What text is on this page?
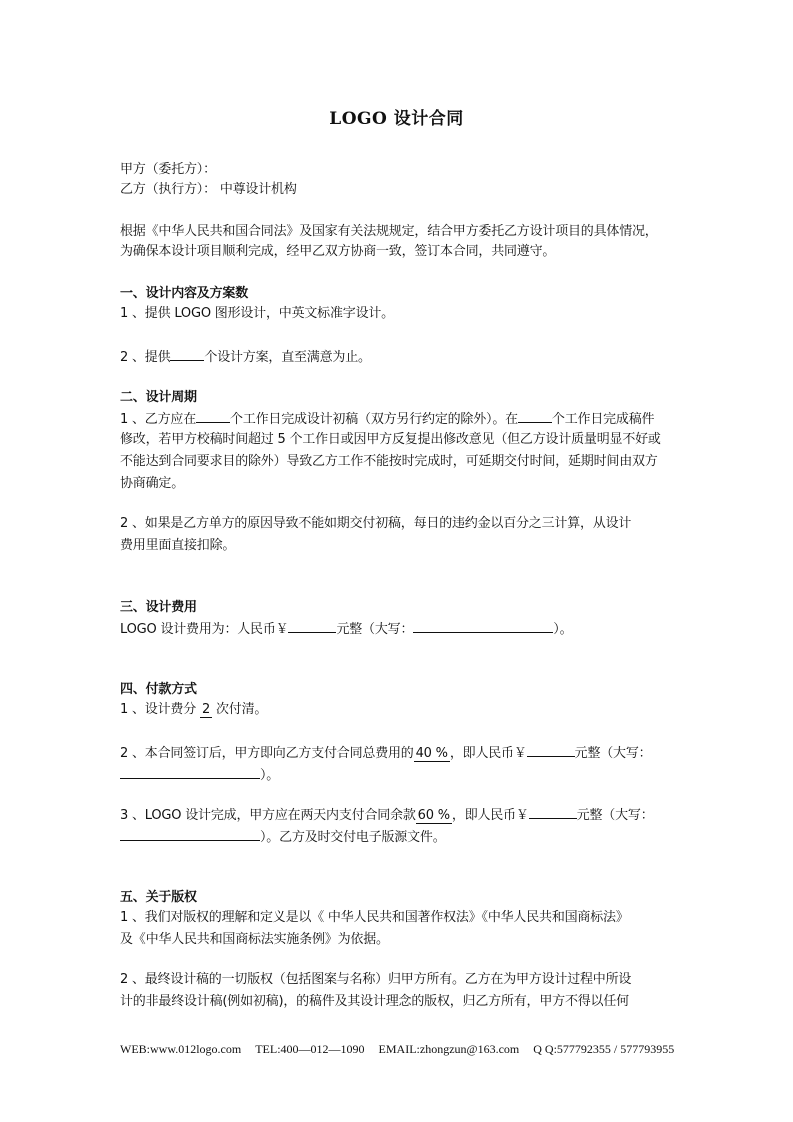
LOGO 设计合同
甲方（委托方）：
乙方（执行方）： 中尊设计机构
根据《中华人民共和国合同法》及国家有关法规规定，结合甲方委托乙方设计项目的具体情况，
为确保本设计项目顺利完成，经甲乙双方协商一致，签订本合同，共同遵守。
一、设计内容及方案数
1 、提供 LOGO 图形设计，中英文标准字设计。
2 、提供	个设计方案，直至满意为止。
二、设计周期
1 、乙方应在	个工作日完成设计初稿（双方另行约定的除外）。在	个工作日完成稿件
修改，若甲方校稿时间超过 5 个工作日或因甲方反复提出修改意见（但乙方设计质量明显不好或
不能达到合同要求目的除外）导致乙方工作不能按时完成时，可延期交付时间，延期时间由双方
协商确定。
2 、如果是乙方单方的原因导致不能如期交付初稿，每日的违约金以百分之三计算，从设计
费用里面直接扣除。
三、设计费用
LOGO 设计费用为：人民币￥	元整（大写：	）。
四、付款方式
1 、设计费分 2 次付清。
2 、本合同签订后，甲方即向乙方支付合同总费用的 40 % ，即人民币￥	元整（大写：
）。
3 、LOGO 设计完成，甲方应在两天内支付合同余款 60 % ，即人民币￥	元整（大写：
）。乙方及时交付电子版源文件。
五、关于版权
1 、我们对版权的理解和定义是以《 中华人民共和国著作权法》《中华人民共和国商标法》
及《中华人民共和国商标法实施条例》为依据。
2 、最终设计稿的一切版权（包括图案与名称）归甲方所有。乙方在为甲方设计过程中所设
计的非最终设计稿(例如初稿)，的稿件及其设计理念的版权，归乙方所有，甲方不得以任何
WEB:www.012logo.com TEL:400—012—1090 EMAIL:zhongzun@163.com Q Q:577792355 / 577793955
